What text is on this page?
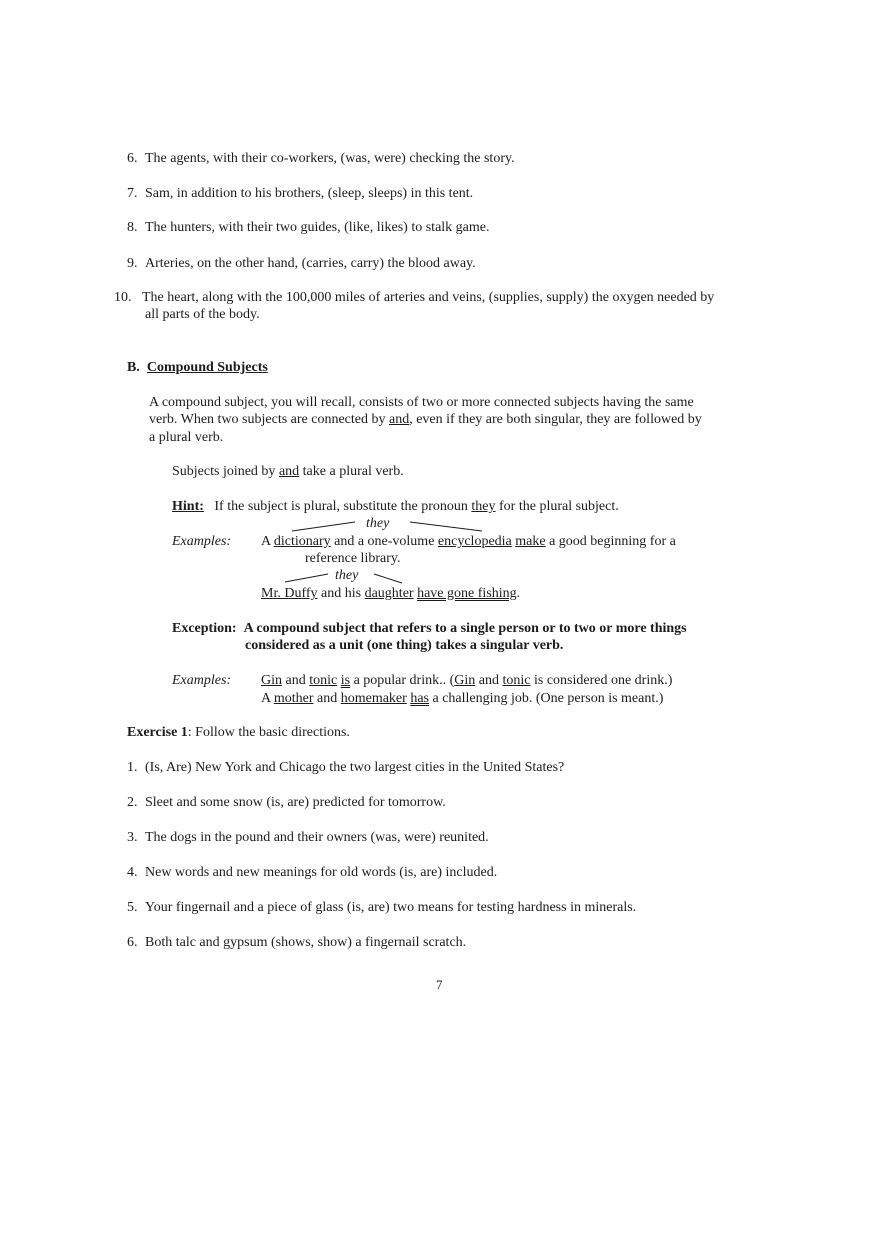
6. The agents, with their co-workers, (was, were) checking the story.
7. Sam, in addition to his brothers, (sleep, sleeps) in this tent.
8. The hunters, with their two guides, (like, likes) to stalk game.
9. Arteries, on the other hand, (carries, carry) the blood away.
10. The heart, along with the 100,000 miles of arteries and veins, (supplies, supply) the oxygen needed by
all parts of the body.
B. Compound Subjects
A compound subject, you will recall, consists of two or more connected subjects having the same
verb. When two subjects are connected by and, even if they are both singular, they are followed by
a plural verb.
Subjects joined by and take a plural verb.
Hint: If the subject is plural, substitute the pronoun they for the plural subject.
they
Examples: A dictionary and a one-volume encyclopedia make a good beginning for a
reference library.
they
Mr. Duffy and his daughter have gone fishing.
Exception: A compound subject that refers to a single person or to two or more things
considered as a unit (one thing) takes a singular verb.
Examples: Gin and tonic is a popular drink.. (Gin and tonic is considered one drink.)
A mother and homemaker has a challenging job. (One person is meant.)
Exercise 1: Follow the basic directions.
1. (Is, Are) New York and Chicago the two largest cities in the United States?
2. Sleet and some snow (is, are) predicted for tomorrow.
3. The dogs in the pound and their owners (was, were) reunited.
4. New words and new meanings for old words (is, are) included.
5. Your fingernail and a piece of glass (is, are) two means for testing hardness in minerals.
6. Both talc and gypsum (shows, show) a fingernail scratch.
7
